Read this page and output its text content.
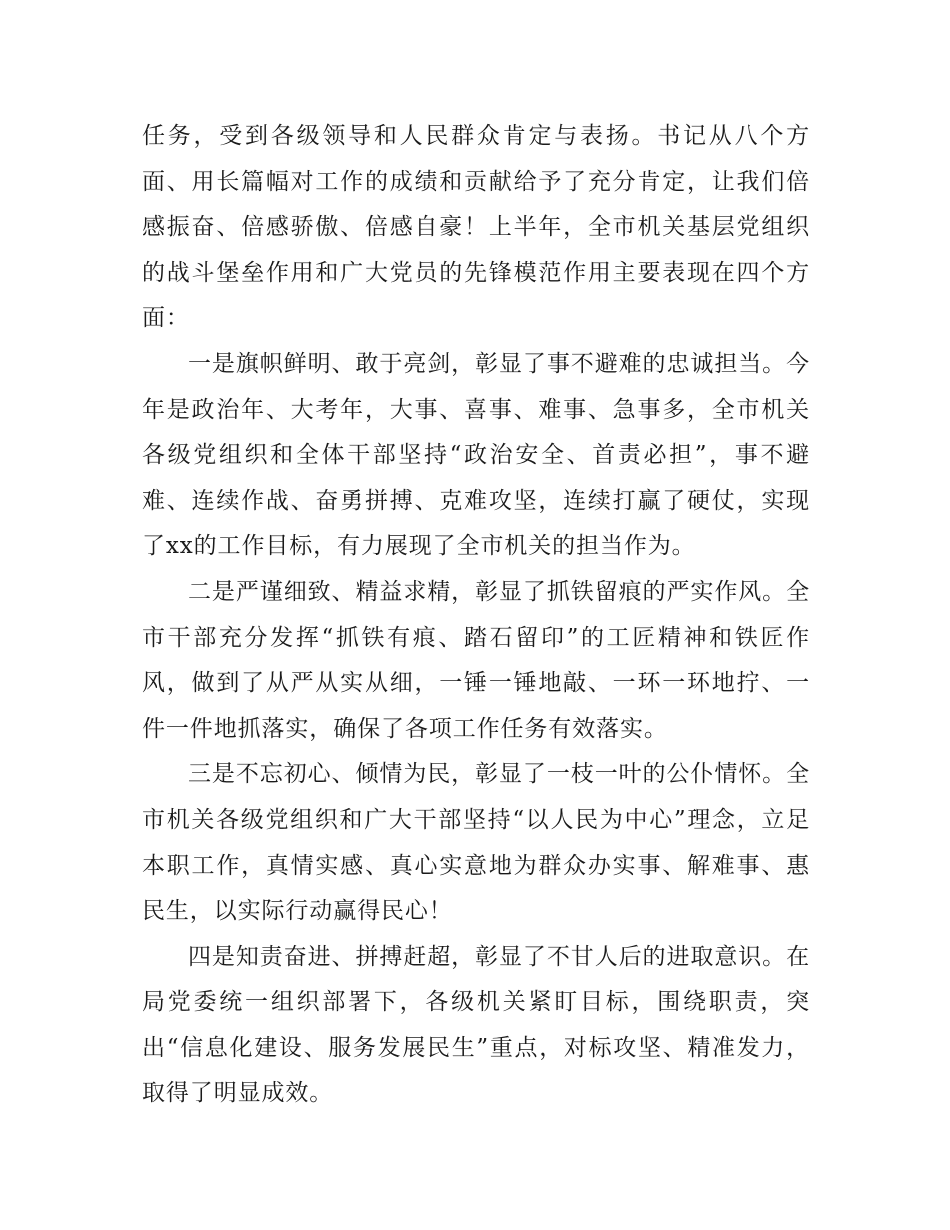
任务，受到各级领导和人民群众肯定与表扬。书记从八个方面、用长篇幅对工作的成绩和贡献给予了充分肯定，让我们倍感振奋、倍感骄傲、倍感自豪！上半年，全市机关基层党组织的战斗堡垒作用和广大党员的先锋模范作用主要表现在四个方面：

一是旗帜鲜明、敢于亮剑，彰显了事不避难的忠诚担当。今年是政治年、大考年，大事、喜事、难事、急事多，全市机关各级党组织和全体干部坚持“政治安全、首责必担”，事不避难、连续作战、奋勇拼搏、克难攻坚，连续打赢了硬仗，实现了xx的工作目标，有力展现了全市机关的担当作为。

二是严谨细致、精益求精，彰显了抓铁留痕的严实作风。全市干部充分发挥“抓铁有痕、踏石留印”的工匠精神和铁匠作风，做到了从严从实从细，一锤一锤地敲、一环一环地拧、一件一件地抓落实，确保了各项工作任务有效落实。

三是不忘初心、倾情为民，彰显了一枝一叶的公仆情怀。全市机关各级党组织和广大干部坚持“以人民为中心”理念，立足本职工作，真情实感、真心实意地为群众办实事、解难事、惠民生，以实际行动赢得民心！

四是知责奋进、拼搏赶超，彰显了不甘人后的进取意识。在局党委统一组织部署下，各级机关紧盯目标，围绕职责，突出“信息化建设、服务发展民生”重点，对标攻坚、精准发力，取得了明显成效。
